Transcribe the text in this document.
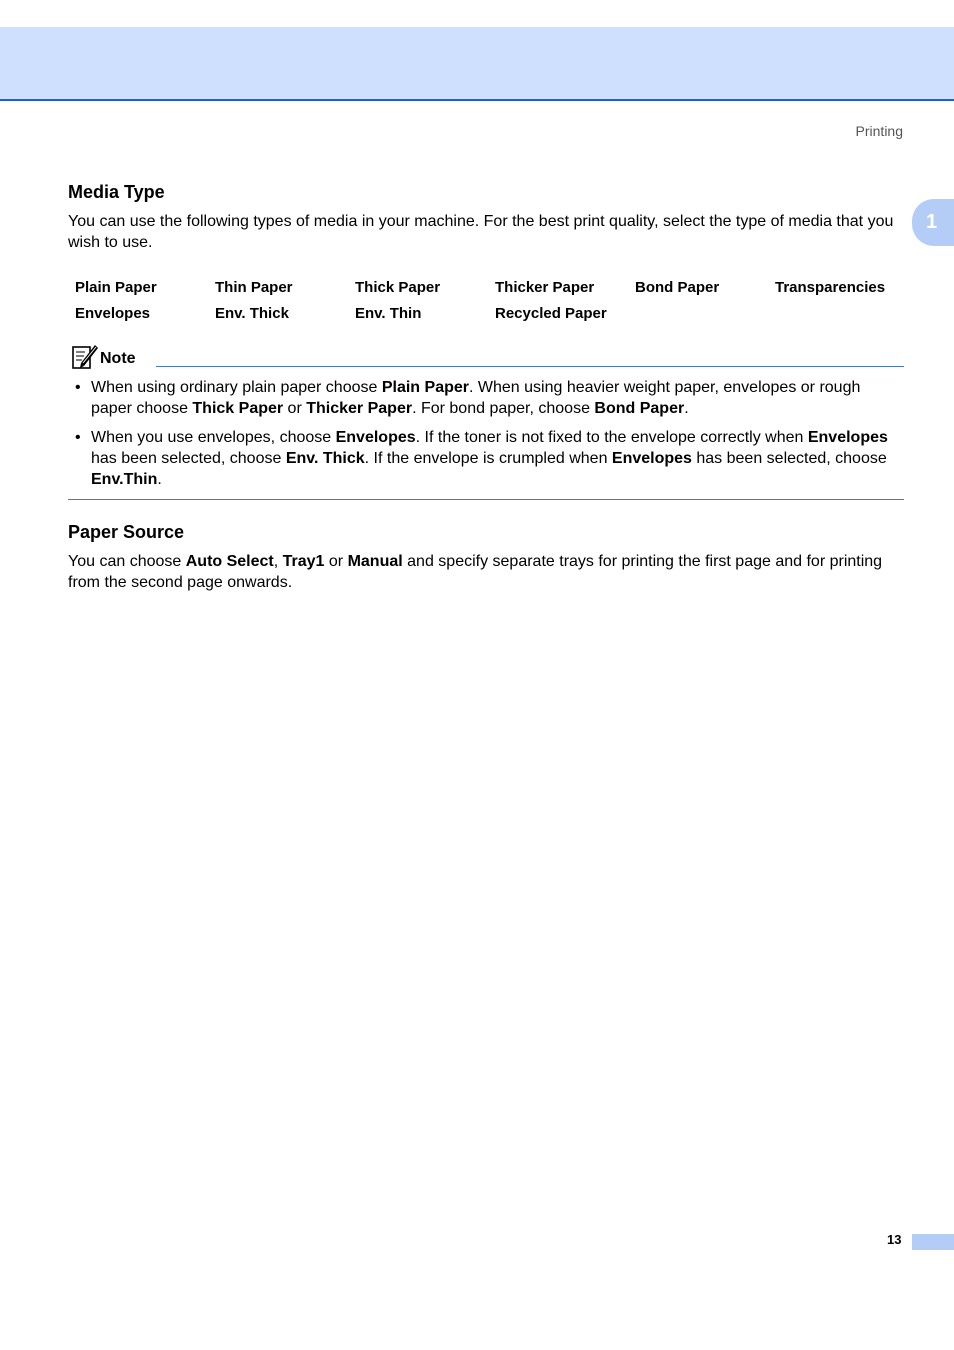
Printing
1
Media Type

You can use the following types of media in your machine. For the best print quality, select the type of media that you wish to use.

Plain Paper	Thin Paper	Thick Paper	Thicker Paper	Bond Paper	Transparencies
Envelopes	Env. Thick	Env. Thin	Recycled Paper
Note
• When using ordinary plain paper choose Plain Paper. When using heavier weight paper, envelopes or rough paper choose Thick Paper or Thicker Paper. For bond paper, choose Bond Paper.
• When you use envelopes, choose Envelopes. If the toner is not fixed to the envelope correctly when Envelopes has been selected, choose Env. Thick. If the envelope is crumpled when Envelopes has been selected, choose Env.Thin.
Paper Source

You can choose Auto Select, Tray1 or Manual and specify separate trays for printing the first page and for printing from the second page onwards.

13
